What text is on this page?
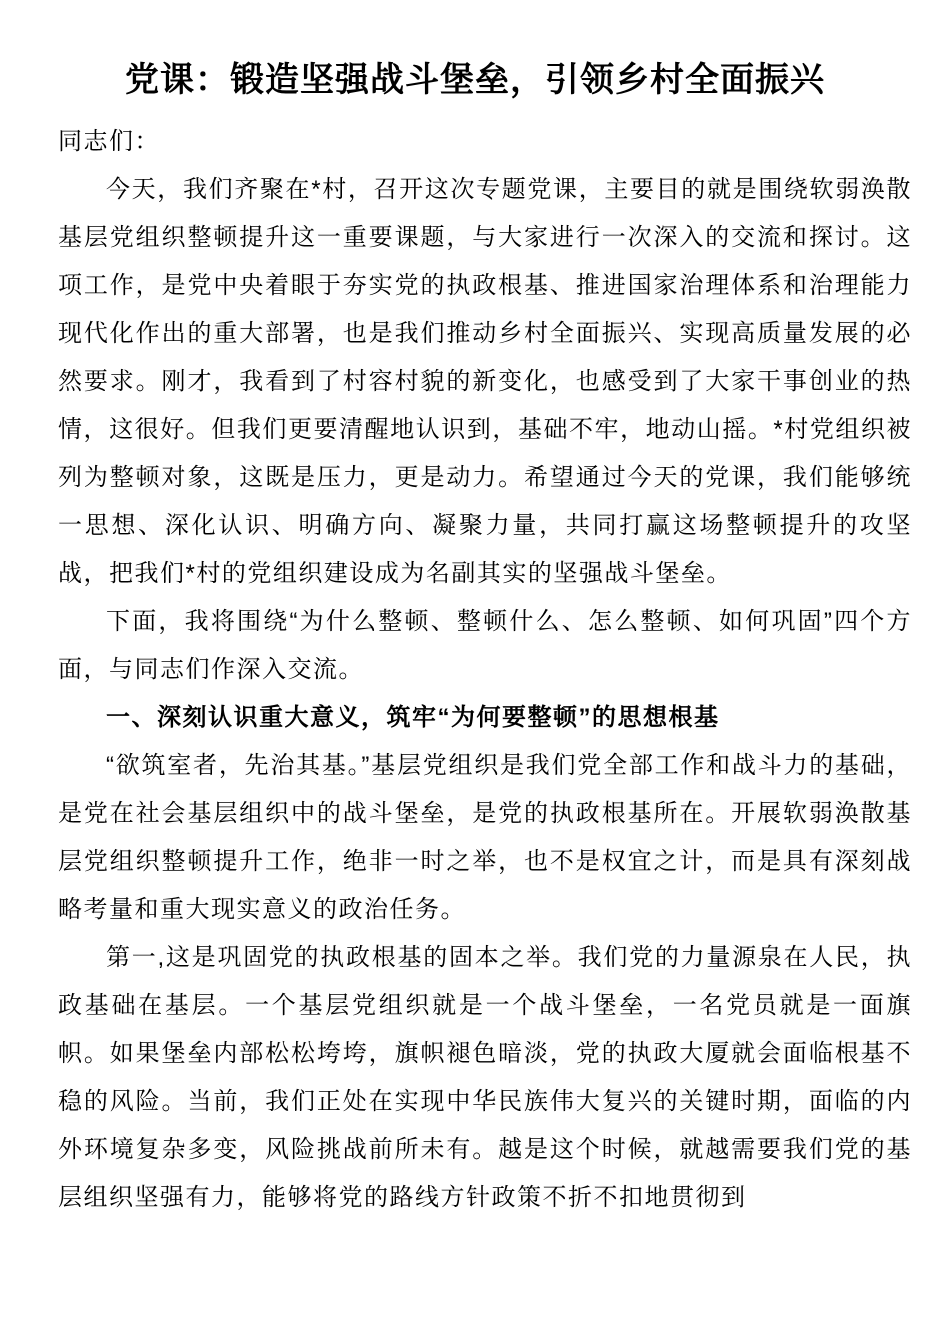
党课：锻造坚强战斗堡垒，引领乡村全面振兴

同志们：

今天，我们齐聚在*村，召开这次专题党课，主要目的就是围绕软弱涣散基层党组织整顿提升这一重要课题，与大家进行一次深入的交流和探讨。这项工作，是党中央着眼于夯实党的执政根基、推进国家治理体系和治理能力现代化作出的重大部署，也是我们推动乡村全面振兴、实现高质量发展的必然要求。刚才，我看到了村容村貌的新变化，也感受到了大家干事创业的热情，这很好。但我们更要清醒地认识到，基础不牢，地动山摇。*村党组织被列为整顿对象，这既是压力，更是动力。希望通过今天的党课，我们能够统一思想、深化认识、明确方向、凝聚力量，共同打赢这场整顿提升的攻坚战，把我们*村的党组织建设成为名副其实的坚强战斗堡垒。

下面，我将围绕“为什么整顿、整顿什么、怎么整顿、如何巩固”四个方面，与同志们作深入交流。

一、深刻认识重大意义，筑牢“为何要整顿”的思想根基

“欲筑室者，先治其基。”基层党组织是我们党全部工作和战斗力的基础，是党在社会基层组织中的战斗堡垒，是党的执政根基所在。开展软弱涣散基层党组织整顿提升工作，绝非一时之举，也不是权宜之计，而是具有深刻战略考量和重大现实意义的政治任务。

第一,这是巩固党的执政根基的固本之举。我们党的力量源泉在人民，执政基础在基层。一个基层党组织就是一个战斗堡垒，一名党员就是一面旗帜。如果堡垒内部松松垮垮，旗帜褪色暗淡，党的执政大厦就会面临根基不稳的风险。当前，我们正处在实现中华民族伟大复兴的关键时期，面临的内外环境复杂多变，风险挑战前所未有。越是这个时候，就越需要我们党的基层组织坚强有力，能够将党的路线方针政策不折不扣地贯彻到
